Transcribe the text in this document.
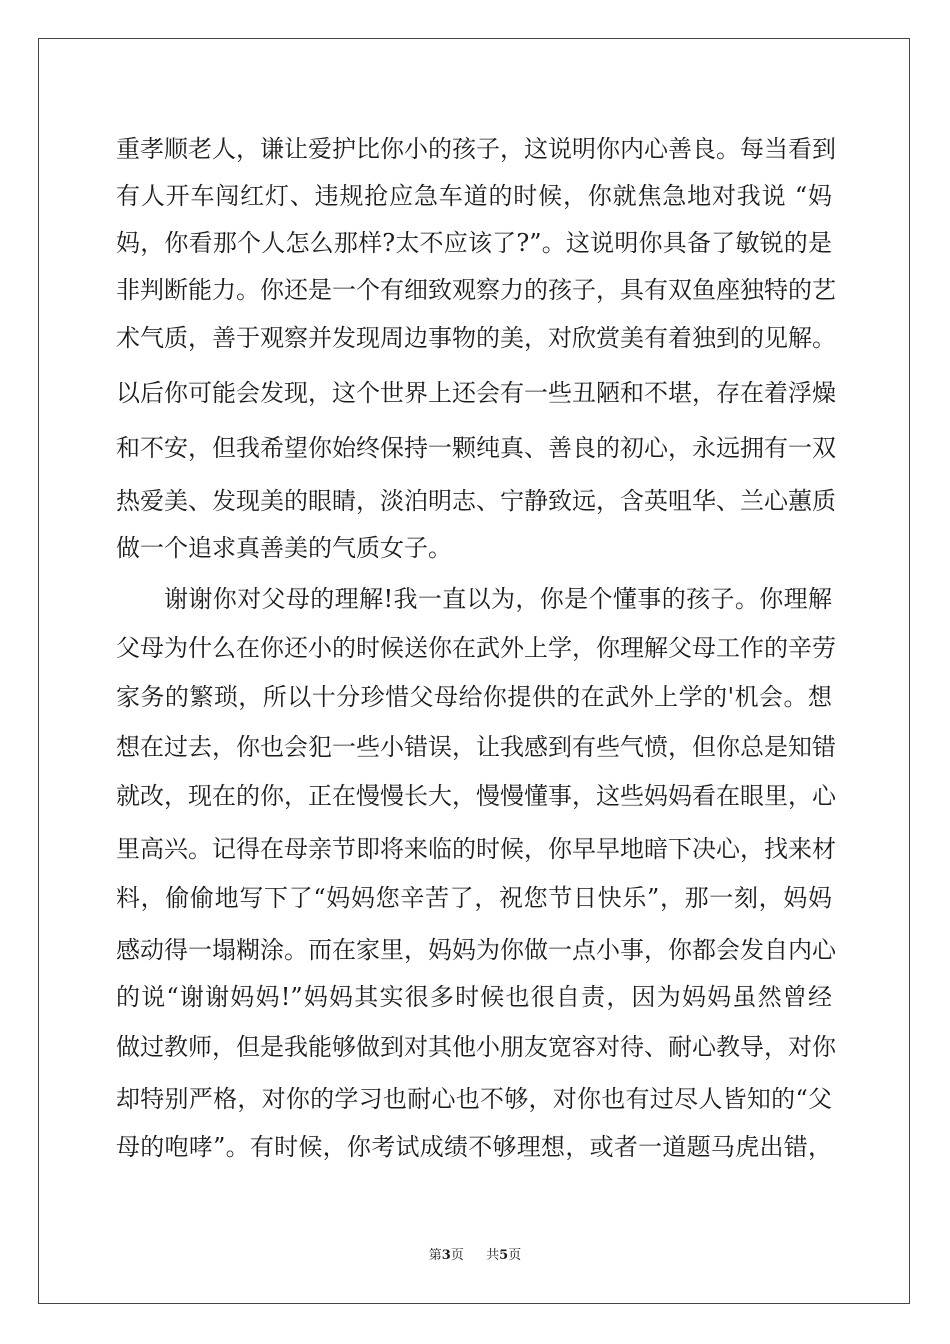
重孝顺老人，谦让爱护比你小的孩子，这说明你内心善良。每当看到
有人开车闯红灯、违规抢应急车道的时候，你就焦急地对我说 “妈
妈，你看那个人怎么那样?太不应该了?”。这说明你具备了敏锐的是
非判断能力。你还是一个有细致观察力的孩子，具有双鱼座独特的艺
术气质，善于观察并发现周边事物的美，对欣赏美有着独到的见解。
以后你可能会发现，这个世界上还会有一些丑陋和不堪，存在着浮燥
和不安，但我希望你始终保持一颗纯真、善良的初心，永远拥有一双
热爱美、发现美的眼睛，淡泊明志、宁静致远，含英咀华、兰心蕙质
做一个追求真善美的气质女子。
谢谢你对父母的理解!我一直以为，你是个懂事的孩子。你理解
父母为什么在你还小的时候送你在武外上学，你理解父母工作的辛劳
家务的繁琐，所以十分珍惜父母给你提供的在武外上学的'机会。想
想在过去，你也会犯一些小错误，让我感到有些气愤，但你总是知错
就改，现在的你，正在慢慢长大，慢慢懂事，这些妈妈看在眼里，心
里高兴。记得在母亲节即将来临的时候，你早早地暗下决心，找来材
料，偷偷地写下了“妈妈您辛苦了，祝您节日快乐”，那一刻，妈妈
感动得一塌糊涂。而在家里，妈妈为你做一点小事，你都会发自内心
的说“谢谢妈妈!”妈妈其实很多时候也很自责，因为妈妈虽然曾经
做过教师，但是我能够做到对其他小朋友宽容对待、耐心教导，对你
却特别严格，对你的学习也耐心也不够，对你也有过尽人皆知的“父
母的咆哮”。有时候，你考试成绩不够理想，或者一道题马虎出错，
第3页 共5页
